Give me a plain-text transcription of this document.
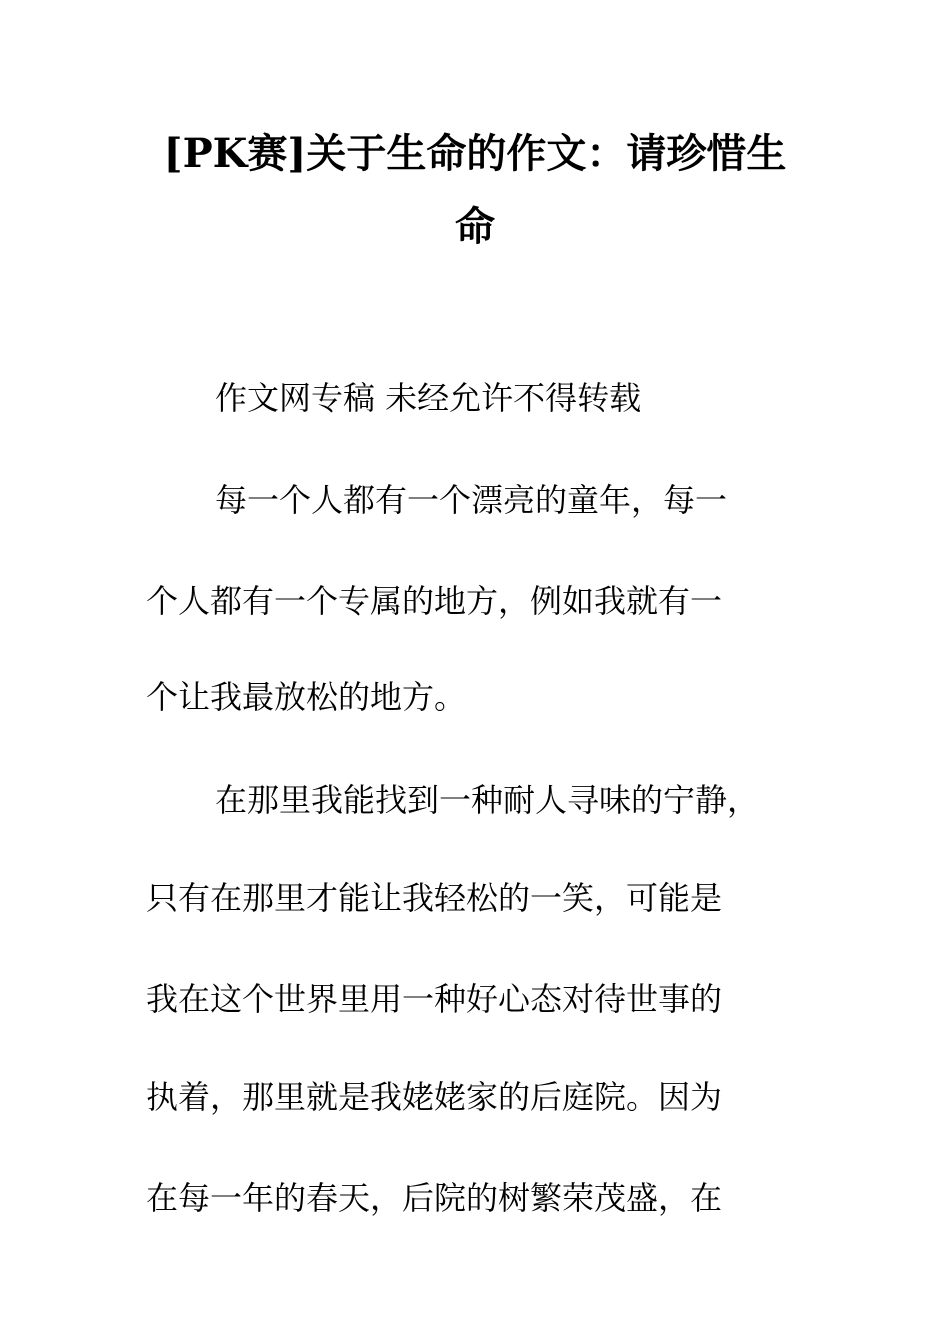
[PK赛]关于生命的作文：请珍惜生
命
作文网专稿 未经允许不得转载
每一个人都有一个漂亮的童年，每一
个人都有一个专属的地方，例如我就有一
个让我最放松的地方。
在那里我能找到一种耐人寻味的宁静，
只有在那里才能让我轻松的一笑，可能是
我在这个世界里用一种好心态对待世事的
执着，那里就是我姥姥家的后庭院。因为
在每一年的春天，后院的树繁荣茂盛，在
